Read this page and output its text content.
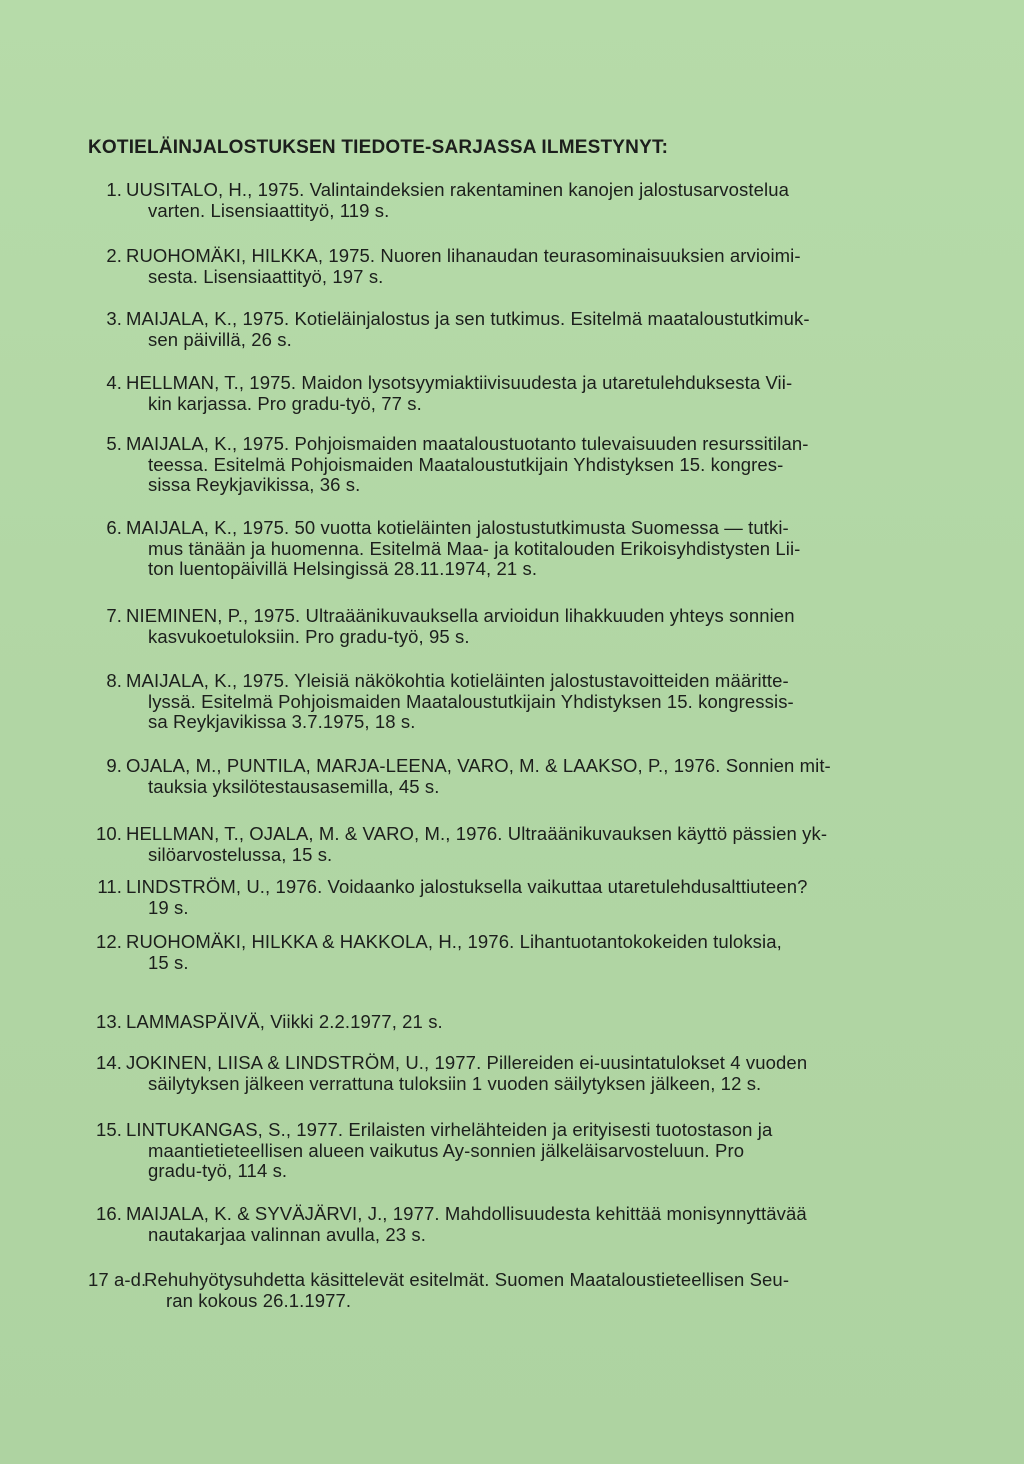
KOTIELÄINJALOSTUKSEN TIEDOTE-SARJASSA ILMESTYNYT:
1. UUSITALO, H., 1975. Valintaindeksien rakentaminen kanojen jalostusarvostelua
varten. Lisensiaattityö, 119 s.
2. RUOHOMÄKI, HILKKA, 1975. Nuoren lihanaudan teurasominaisuuksien arvioimi-
sesta. Lisensiaattityö, 197 s.
3. MAIJALA, K., 1975. Kotieläinjalostus ja sen tutkimus. Esitelmä maataloustutkimuk-
sen päivillä, 26 s.
4. HELLMAN, T., 1975. Maidon lysotsyymiaktiivisuudesta ja utaretulehduksesta Vii-
kin karjassa. Pro gradu-työ, 77 s.
5. MAIJALA, K., 1975. Pohjoismaiden maataloustuotanto tulevaisuuden resurssitilan-
teessa. Esitelmä Pohjoismaiden Maataloustutkijain Yhdistyksen 15. kongres-
sissa Reykjavikissa, 36 s.
6. MAIJALA, K., 1975. 50 vuotta kotieläinten jalostustutkimusta Suomessa — tutki-
mus tänään ja huomenna. Esitelmä Maa- ja kotitalouden Erikoisyhdistysten Lii-
ton luentopäivillä Helsingissä 28.11.1974, 21 s.
7. NIEMINEN, P., 1975. Ultraäänikuvauksella arvioidun lihakkuuden yhteys sonnien
kasvukoetuloksiin. Pro gradu-työ, 95 s.
8. MAIJALA, K., 1975. Yleisiä näkökohtia kotieläinten jalostustavoitteiden määritte-
lyssä. Esitelmä Pohjoismaiden Maataloustutkijain Yhdistyksen 15. kongressis-
sa Reykjavikissa 3.7.1975, 18 s.
9. OJALA, M., PUNTILA, MARJA-LEENA, VARO, M. & LAAKSO, P., 1976. Sonnien mit-
tauksia yksilötestausasemilla, 45 s.
10. HELLMAN, T., OJALA, M. & VARO, M., 1976. Ultraäänikuvauksen käyttö pässien yk-
silöarvostelussa, 15 s.
11. LINDSTRÖM, U., 1976. Voidaanko jalostuksella vaikuttaa utaretulehdusalttiuteen?
19 s.
12. RUOHOMÄKI, HILKKA & HAKKOLA, H., 1976. Lihantuotantokokeiden tuloksia,
15 s.
13. LAMMASPÄIVÄ, Viikki 2.2.1977, 21 s.
14. JOKINEN, LIISA & LINDSTRÖM, U., 1977. Pillereiden ei-uusintatulokset 4 vuoden
säilytyksen jälkeen verrattuna tuloksiin 1 vuoden säilytyksen jälkeen, 12 s.
15. LINTUKANGAS, S., 1977. Erilaisten virhelähteiden ja erityisesti tuotostason ja
maantietieteellisen alueen vaikutus Ay-sonnien jälkeläisarvosteluun. Pro
gradu-työ, 114 s.
16. MAIJALA, K. & SYVÄJÄRVI, J., 1977. Mahdollisuudesta kehittää monisynnyttävää
nautakarjaa valinnan avulla, 23 s.
17 a-d.
Rehuhyötysuhdetta käsittelevät esitelmät. Suomen Maataloustieteellisen Seu-
ran kokous 26.1.1977.
